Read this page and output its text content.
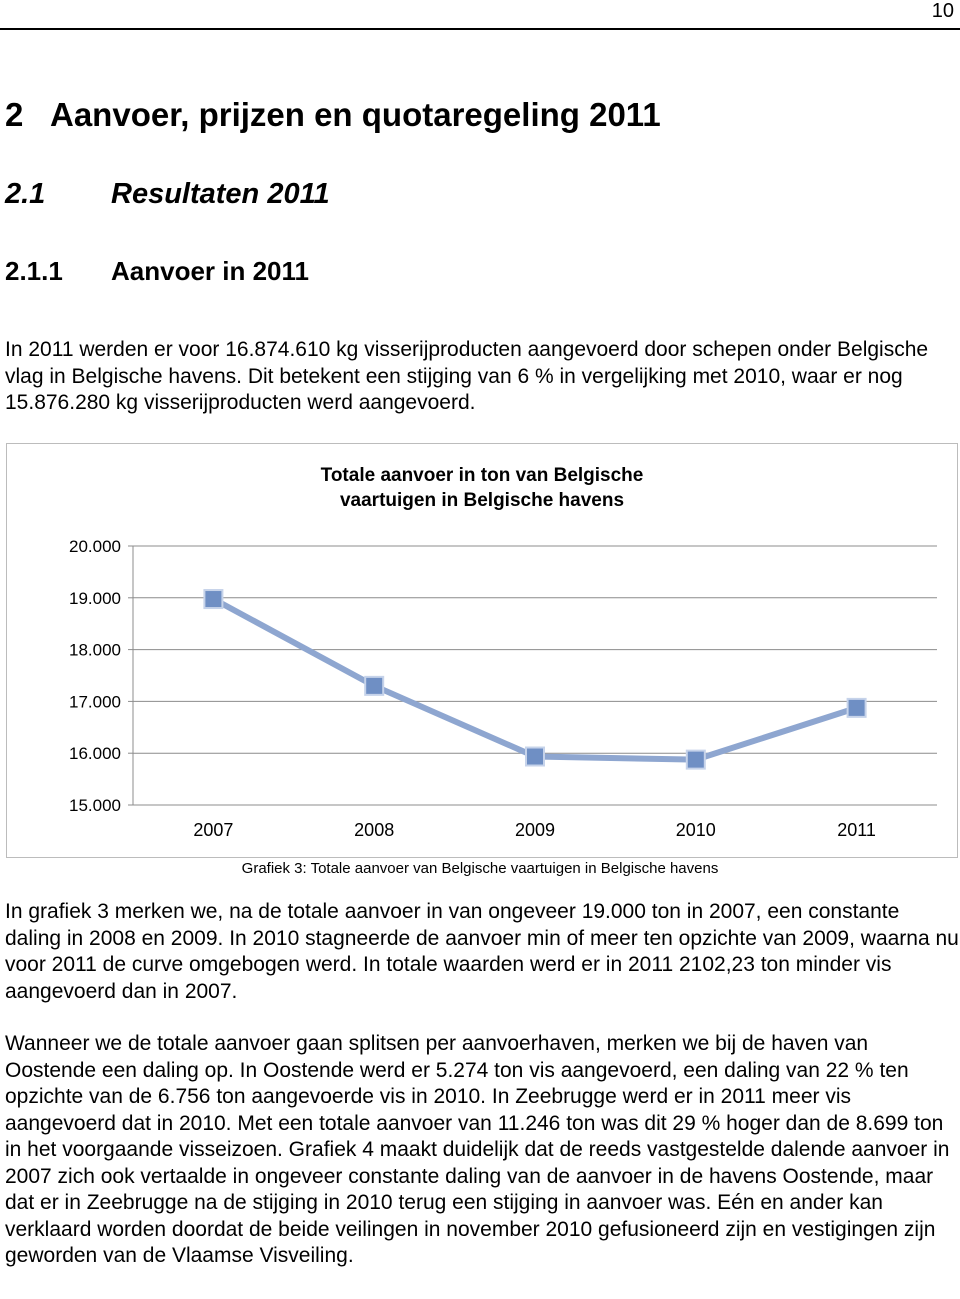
10
2 Aanvoer, prijzen en quotaregeling 2011
2.1 Resultaten 2011
2.1.1 Aanvoer in 2011

In 2011 werden er voor 16.874.610 kg visserijproducten aangevoerd door schepen onder Belgische vlag in Belgische havens. Dit betekent een stijging van 6 % in vergelijking met 2010, waar er nog 15.876.280 kg visserijproducten werd aangevoerd.

Totale aanvoer in ton van Belgische
vaartuigen in Belgische havens
15.000
16.000
17.000
18.000
19.000
20.000
2007	2008	2009	2010	2011
Grafiek 3: Totale aanvoer van Belgische vaartuigen in Belgische havens

In grafiek 3 merken we, na de totale aanvoer in van ongeveer 19.000 ton in 2007, een constante daling in 2008 en 2009. In 2010 stagneerde de aanvoer min of meer ten opzichte van 2009, waarna nu voor 2011 de curve omgebogen werd. In totale waarden werd er in 2011 2102,23 ton minder vis aangevoerd dan in 2007.

Wanneer we de totale aanvoer gaan splitsen per aanvoerhaven, merken we bij de haven van Oostende een daling op. In Oostende werd er 5.274 ton vis aangevoerd, een daling van 22 % ten opzichte van de 6.756 ton aangevoerde vis in 2010. In Zeebrugge werd er in 2011 meer vis aangevoerd dat in 2010. Met een totale aanvoer van 11.246 ton was dit 29 % hoger dan de 8.699 ton in het voorgaande visseizoen. Grafiek 4 maakt duidelijk dat de reeds vastgestelde dalende aanvoer in 2007 zich ook vertaalde in ongeveer constante daling van de aanvoer in de havens Oostende, maar dat er in Zeebrugge na de stijging in 2010 terug een stijging in aanvoer was. Eén en ander kan verklaard worden doordat de beide veilingen in november 2010 gefusioneerd zijn en vestigingen zijn geworden van de Vlaamse Visveiling.
